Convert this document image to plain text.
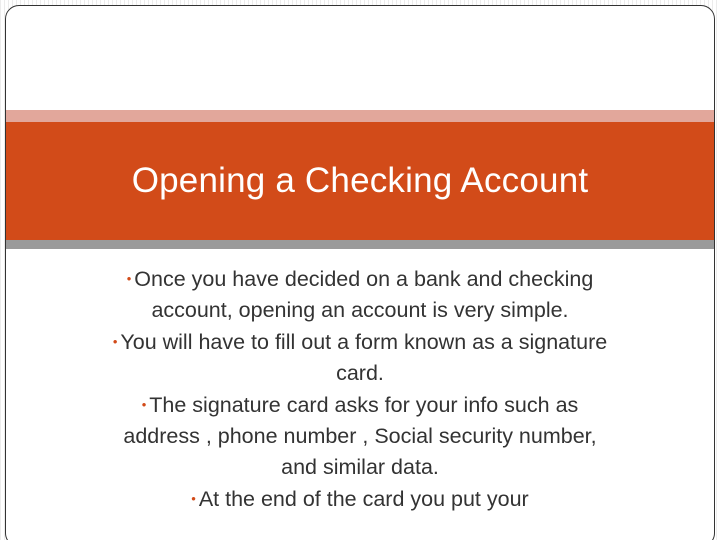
Opening a Checking Account

• Once you have decided on a bank and checking account, opening an account is very simple.

• You will have to fill out a form known as a signature card.

• The signature card asks for your info such as address , phone number , Social security number, and similar data.

• At the end of the card you put your
